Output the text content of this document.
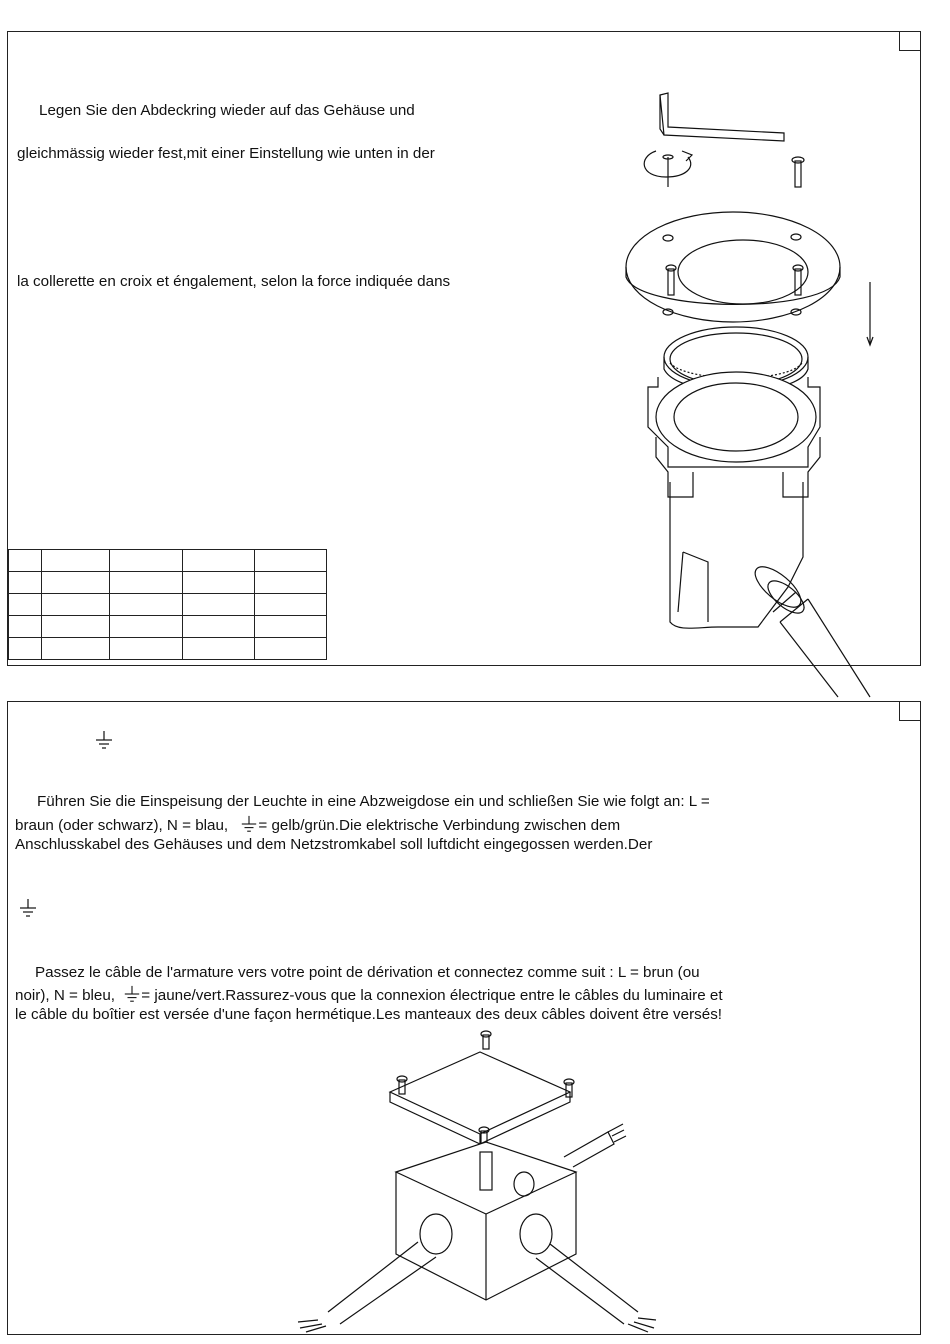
Legen Sie den Abdeckring wieder auf das Gehäuse und
gleichmässig wieder fest,mit einer Einstellung wie unten in der
la collerette en croix et éngalement, selon la force indiquée dans

Führen Sie die Einspeisung der Leuchte in eine Abzweigdose ein und schließen Sie wie folgt an: L =
braun (oder schwarz), N = blau, = gelb/grün.Die elektrische Verbindung zwischen dem
Anschlusskabel des Gehäuses und dem Netzstromkabel soll luftdicht eingegossen werden.Der
Passez le câble de l'armature vers votre point de dérivation et connectez comme suit : L = brun (ou
noir), N = bleu, = jaune/vert.Rassurez-vous que la connexion électrique entre le câbles du luminaire et
le câble du boîtier est versée d'une façon hermétique.Les manteaux des deux câbles doivent être versés!
